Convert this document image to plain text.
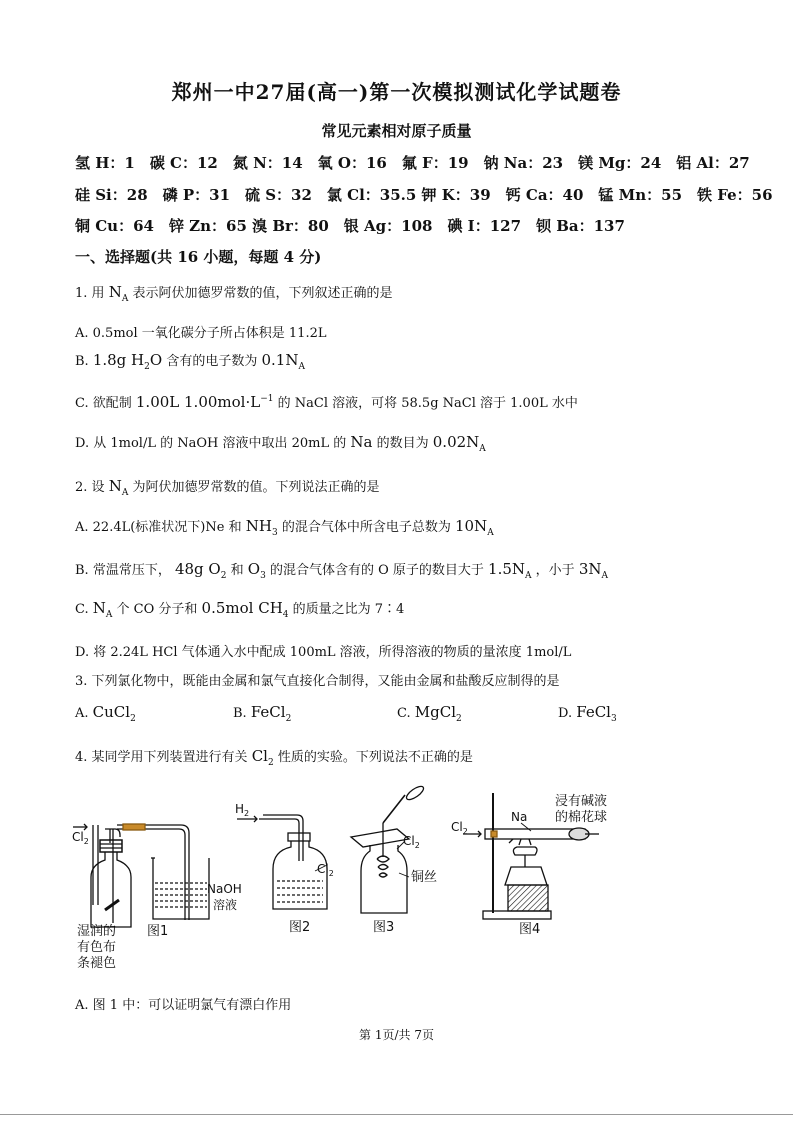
郑州一中27届(高一)第一次模拟测试化学试题卷
常见元素相对原子质量
氢 H：1　碳 C：12　氮 N：14　氧 O：16　氟 F：19　钠 Na：23　镁 Mg：24　铝 Al：27
硅 Si：28　磷 P：31　硫 S：32　氯 Cl：35.5 钾 K：39　钙 Ca：40　锰 Mn：55　铁 Fe：56
铜 Cu：64　锌 Zn：65 溴 Br：80　银 Ag：108　碘 I：127　钡 Ba：137
一、选择题(共 16 小题，每题 4 分)
1. 用 $N_A$ 表示阿伏加德罗常数的值，下列叙述正确的是
A. 0.5mol 一氧化碳分子所占体积是 11.2L
B. 1.8g $H_2O$ 含有的电子数为 $0.1N_A$
C. 欲配制 1.00L $1.00mol\cdot L^{-1}$ 的 NaCl 溶液，可将 58.5g NaCl 溶于 1.00L 水中
D. 从 1mol/L 的 NaOH 溶液中取出 20mL 的 Na 的数目为 $0.02N_A$
2. 设 $N_A$ 为阿伏加德罗常数的值。下列说法正确的是
A. 22.4L(标准状况下)Ne 和 $NH_3$ 的混合气体中所含电子总数为 $10N_A$
B. 常温常压下， 48g $O_2$ 和 $O_3$ 的混合气体含有的 O 原子的数目大于 $1.5N_A$ ，小于 $3N_A$
C. $N_A$ 个 CO 分子和 0.5mol $CH_4$ 的质量之比为 7∶4
D. 将 2.24L HCl 气体通入水中配成 100mL 溶液，所得溶液的物质的量浓度 1mol/L
3. 下列氯化物中，既能由金属和氯气直接化合制得，又能由金属和盐酸反应制得的是
A. CuCl$_2$	B. FeCl$_2$	C. MgCl$_2$	D. FeCl$_3$
4. 某同学用下列装置进行有关 $Cl_2$ 性质的实验。下列说法不正确的是
$Cl_2$
NaOH
溶液
图1
湿润的
有色布
条褪色
$H_2$
$Cl_2$
图2
$Cl_2$
铜丝
图3
$Cl_2$
Na
浸有碱液
的棉花球
图4
A. 图 1 中：可以证明氯气有漂白作用
第 1页/共 7页
